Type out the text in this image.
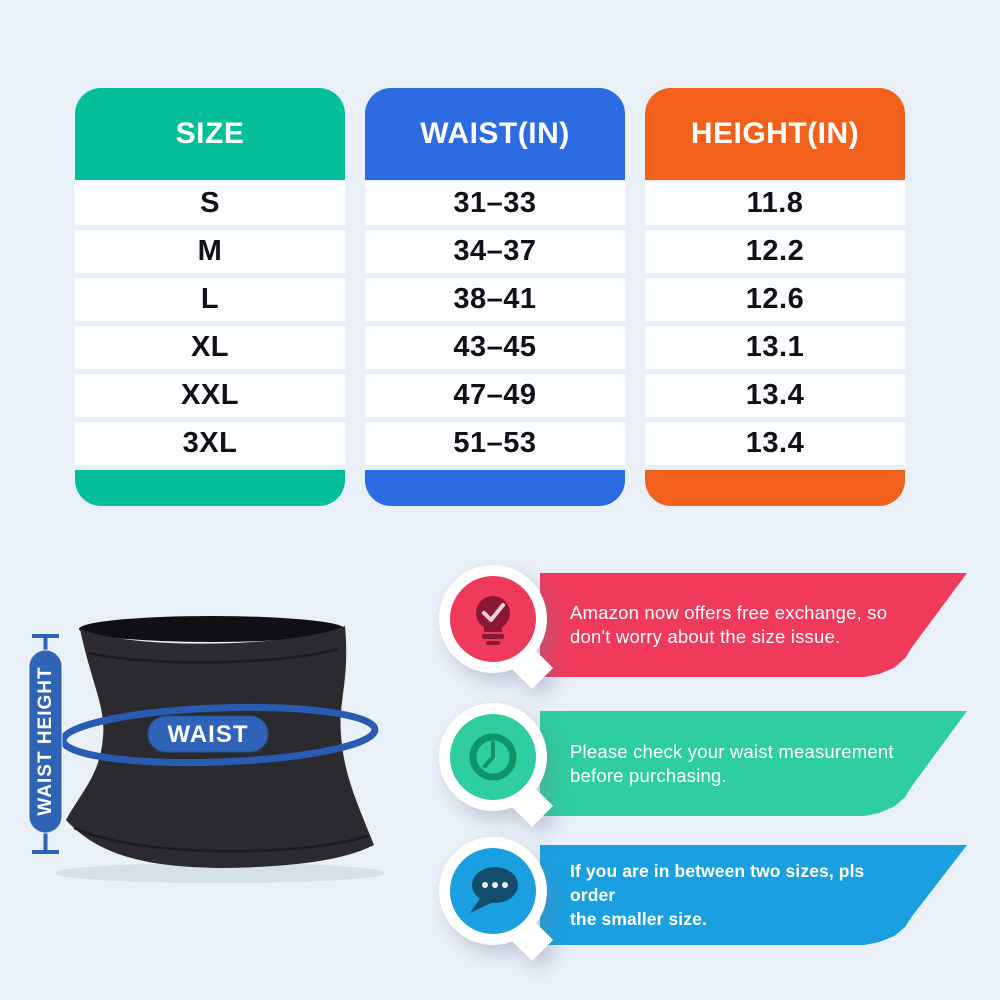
SIZE	WAIST(IN)	HEIGHT(IN)
S	31–33	11.8
M	34–37	12.2
L	38–41	12.6
XL	43–45	13.1
XXL	47–49	13.4
3XL	51–53	13.4
WAIST
WAIST HEIGHT
Amazon now offers free exchange, so
don't worry about the size issue.
Please check your waist measurement
before purchasing.
If you are in between two sizes, pls order
the smaller size.
